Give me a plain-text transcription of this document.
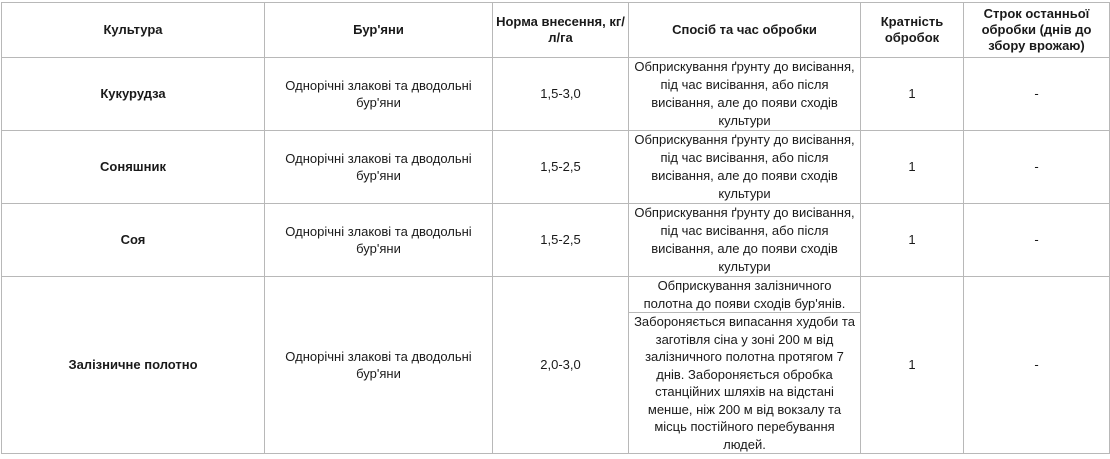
Культура	Бур'яни	Норма внесення, кг/л/га	Спосіб та час обробки	Кратність обробок	Строк останньої обробки (днів до збору врожаю)
Кукурудза	Однорічні злакові та дводольні бур'яни	1,5-3,0	Обприскування ґрунту до висівання, під час висівання, або після висівання, але до появи сходів культури	1	-
Соняшник	Однорічні злакові та дводольні бур'яни	1,5-2,5	Обприскування ґрунту до висівання, під час висівання, або після висівання, але до появи сходів культури	1	-
Соя	Однорічні злакові та дводольні бур'яни	1,5-2,5	Обприскування ґрунту до висівання, під час висівання, або після висівання, але до появи сходів культури	1	-
Залізничне полотно	Однорічні злакові та дводольні бур'яни	2,0-3,0	Обприскування залізничного полотна до появи сходів бур'янів.	1	-
			Забороняється випасання худоби та заготівля сіна у зоні 200 м від залізничного полотна протягом 7 днів. Забороняється обробка станційних шляхів на відстані менше, ніж 200 м від вокзалу та місць постійного перебування людей.		
